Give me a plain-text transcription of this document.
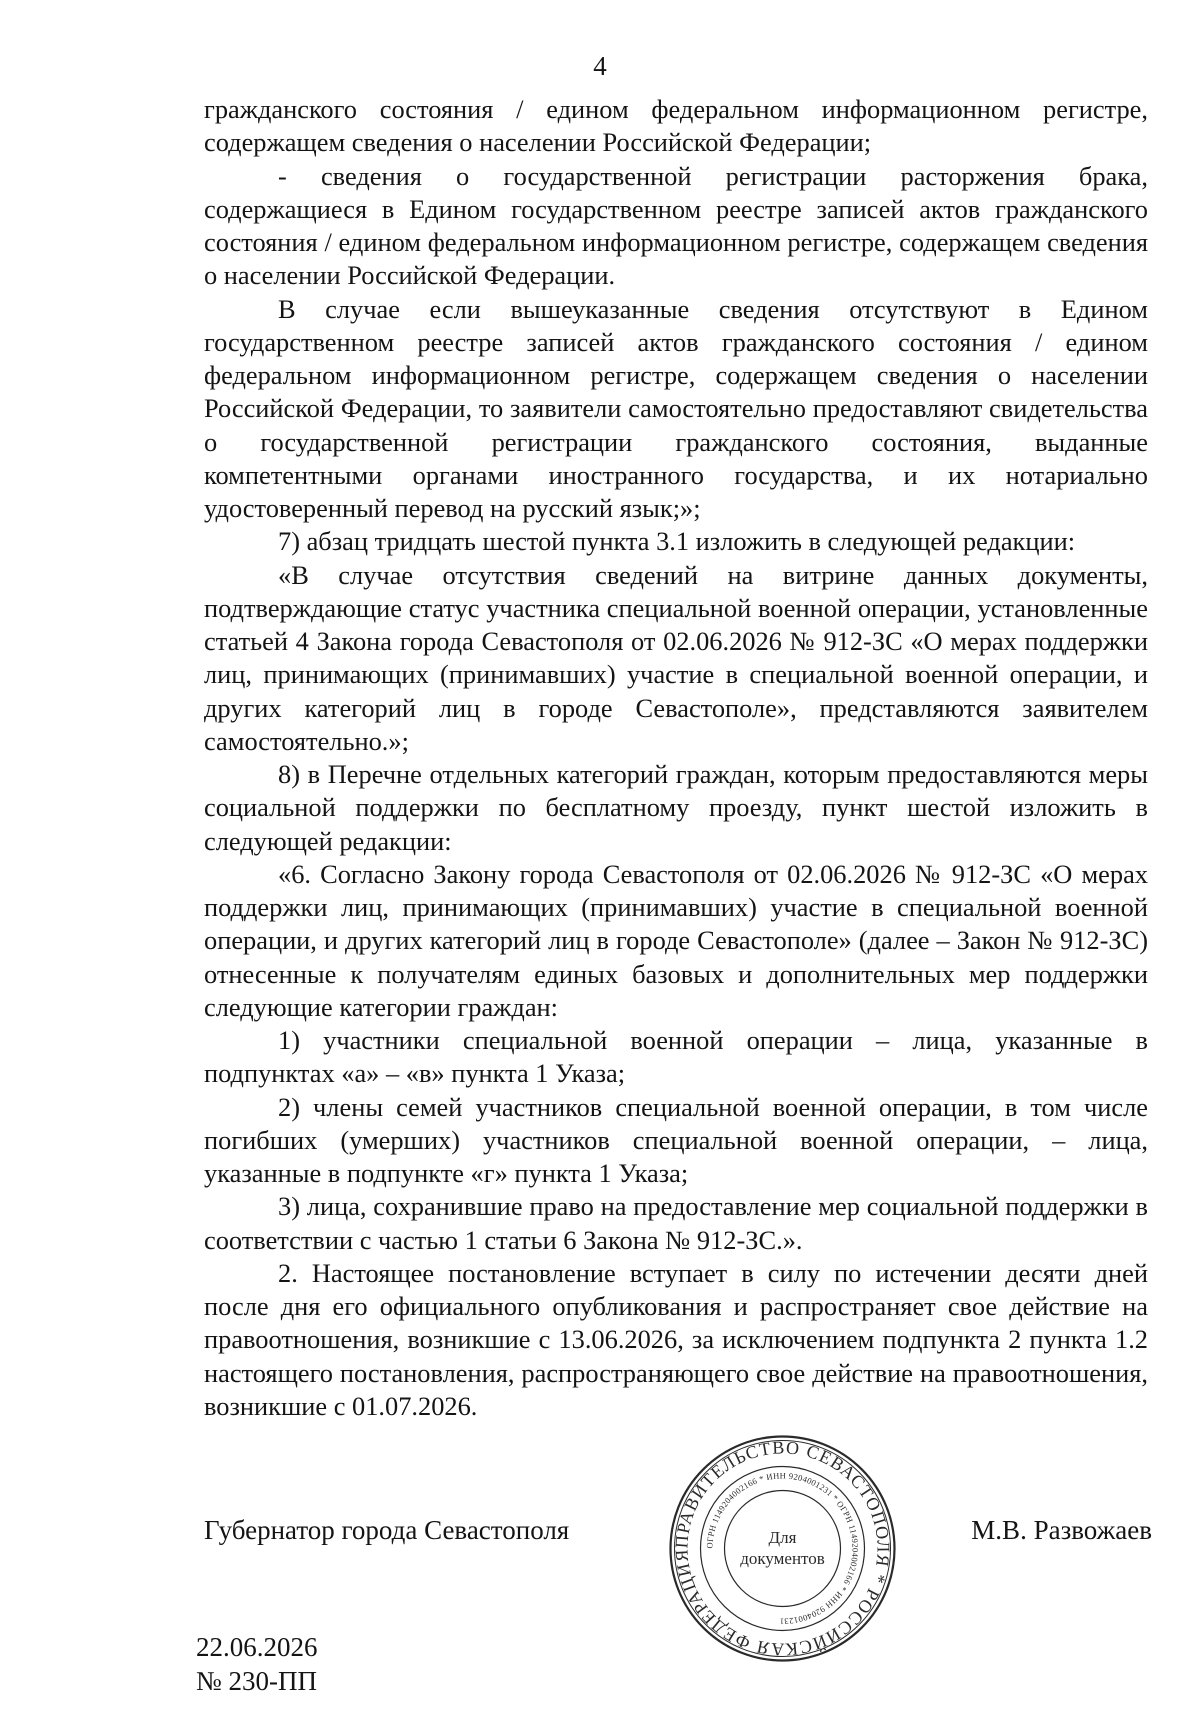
4

гражданского состояния / едином федеральном информационном регистре, содержащем сведения о населении Российской Федерации;

- сведения о государственной регистрации расторжения брака, содержащиеся в Едином государственном реестре записей актов гражданского состояния / едином федеральном информационном регистре, содержащем сведения о населении Российской Федерации.

В случае если вышеуказанные сведения отсутствуют в Едином государственном реестре записей актов гражданского состояния / едином федеральном информационном регистре, содержащем сведения о населении Российской Федерации, то заявители самостоятельно предоставляют свидетельства о государственной регистрации гражданского состояния, выданные компетентными органами иностранного государства, и их нотариально удостоверенный перевод на русский язык;»;

7) абзац тридцать шестой пункта 3.1 изложить в следующей редакции:

«В случае отсутствия сведений на витрине данных документы, подтверждающие статус участника специальной военной операции, установленные статьей 4 Закона города Севастополя от 02.06.2026 № 912-ЗС «О мерах поддержки лиц, принимающих (принимавших) участие в специальной военной операции, и других категорий лиц в городе Севастополе», представляются заявителем самостоятельно.»;

8) в Перечне отдельных категорий граждан, которым предоставляются меры социальной поддержки по бесплатному проезду, пункт шестой изложить в следующей редакции:

«6. Согласно Закону города Севастополя от 02.06.2026 № 912-ЗС «О мерах поддержки лиц, принимающих (принимавших) участие в специальной военной операции, и других категорий лиц в городе Севастополе» (далее – Закон № 912-ЗС) отнесенные к получателям единых базовых и дополнительных мер поддержки следующие категории граждан:

1) участники специальной военной операции – лица, указанные в подпунктах «а» – «в» пункта 1 Указа;

2) члены семей участников специальной военной операции, в том числе погибших (умерших) участников специальной военной операции, – лица, указанные в подпункте «г» пункта 1 Указа;

3) лица, сохранившие право на предоставление мер социальной поддержки в соответствии с частью 1 статьи 6 Закона № 912-ЗС.».

2. Настоящее постановление вступает в силу по истечении десяти дней после дня его официального опубликования и распространяет свое действие на правоотношения, возникшие с 13.06.2026, за исключением подпункта 2 пункта 1.2 настоящего постановления, распространяющего свое действие на правоотношения, возникшие с 01.07.2026.

Губернатор города Севастополя	М.В. Развожаев
ПРАВИТЕЛЬСТВО СЕВАСТОПОЛЯ * РОССИЙСКАЯ ФЕДЕРАЦИЯ
ОГРН 1149204002166 * ИНН 9204001231 * ОГРН 1149204002166 * ИНН 9204001231
Для
документов
22.06.2026
№ 230-ПП
